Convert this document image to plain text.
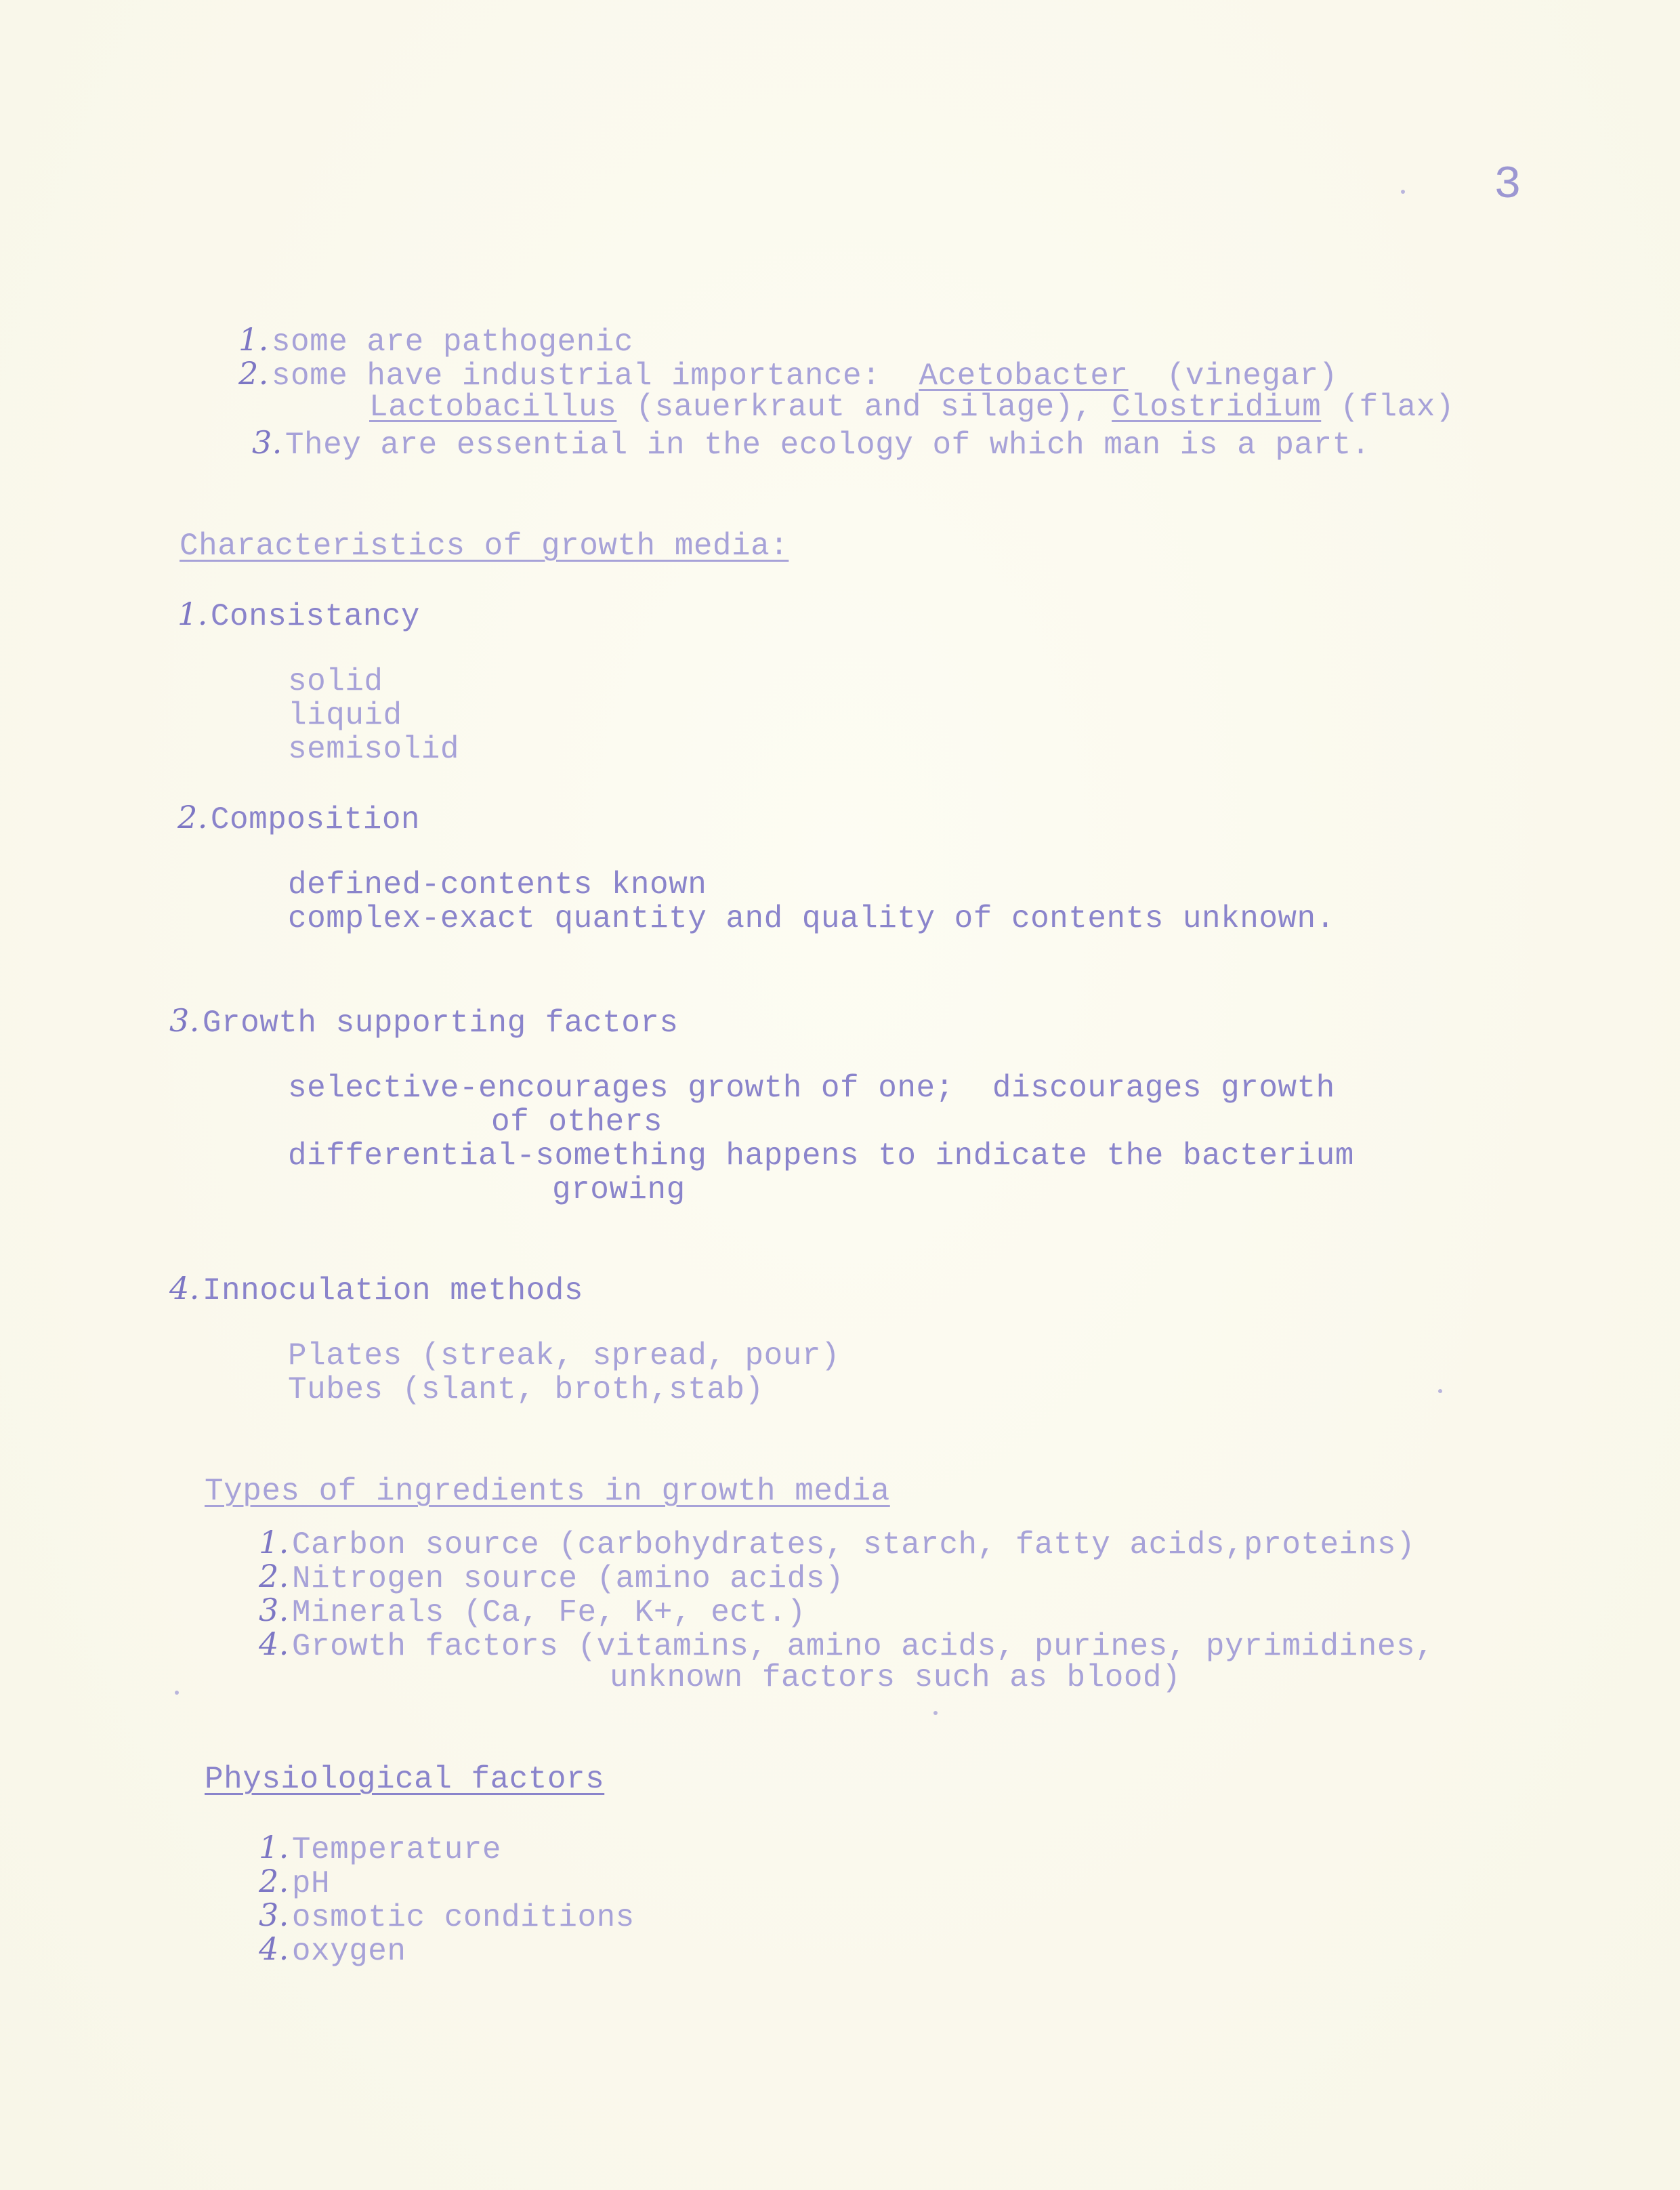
3
1.some are pathogenic
2.some have industrial importance:  Acetobacter  (vinegar)
Lactobacillus (sauerkraut and silage), Clostridium (flax)
3.They are essential in the ecology of which man is a part.
Characteristics of growth media:
1.Consistancy
solid
liquid
semisolid
2.Composition
defined-contents known
complex-exact quantity and quality of contents unknown.
3.Growth supporting factors
selective-encourages growth of one;  discourages growth
of others
differential-something happens to indicate the bacterium
growing
4.Innoculation methods
Plates (streak, spread, pour)
Tubes (slant, broth,stab)
Types of ingredients in growth media
1.Carbon source (carbohydrates, starch, fatty acids,proteins)
2.Nitrogen source (amino acids)
3.Minerals (Ca, Fe, K+, ect.)
4.Growth factors (vitamins, amino acids, purines, pyrimidines,
unknown factors such as blood)
Physiological factors
1.Temperature
2.pH
3.osmotic conditions
4.oxygen
